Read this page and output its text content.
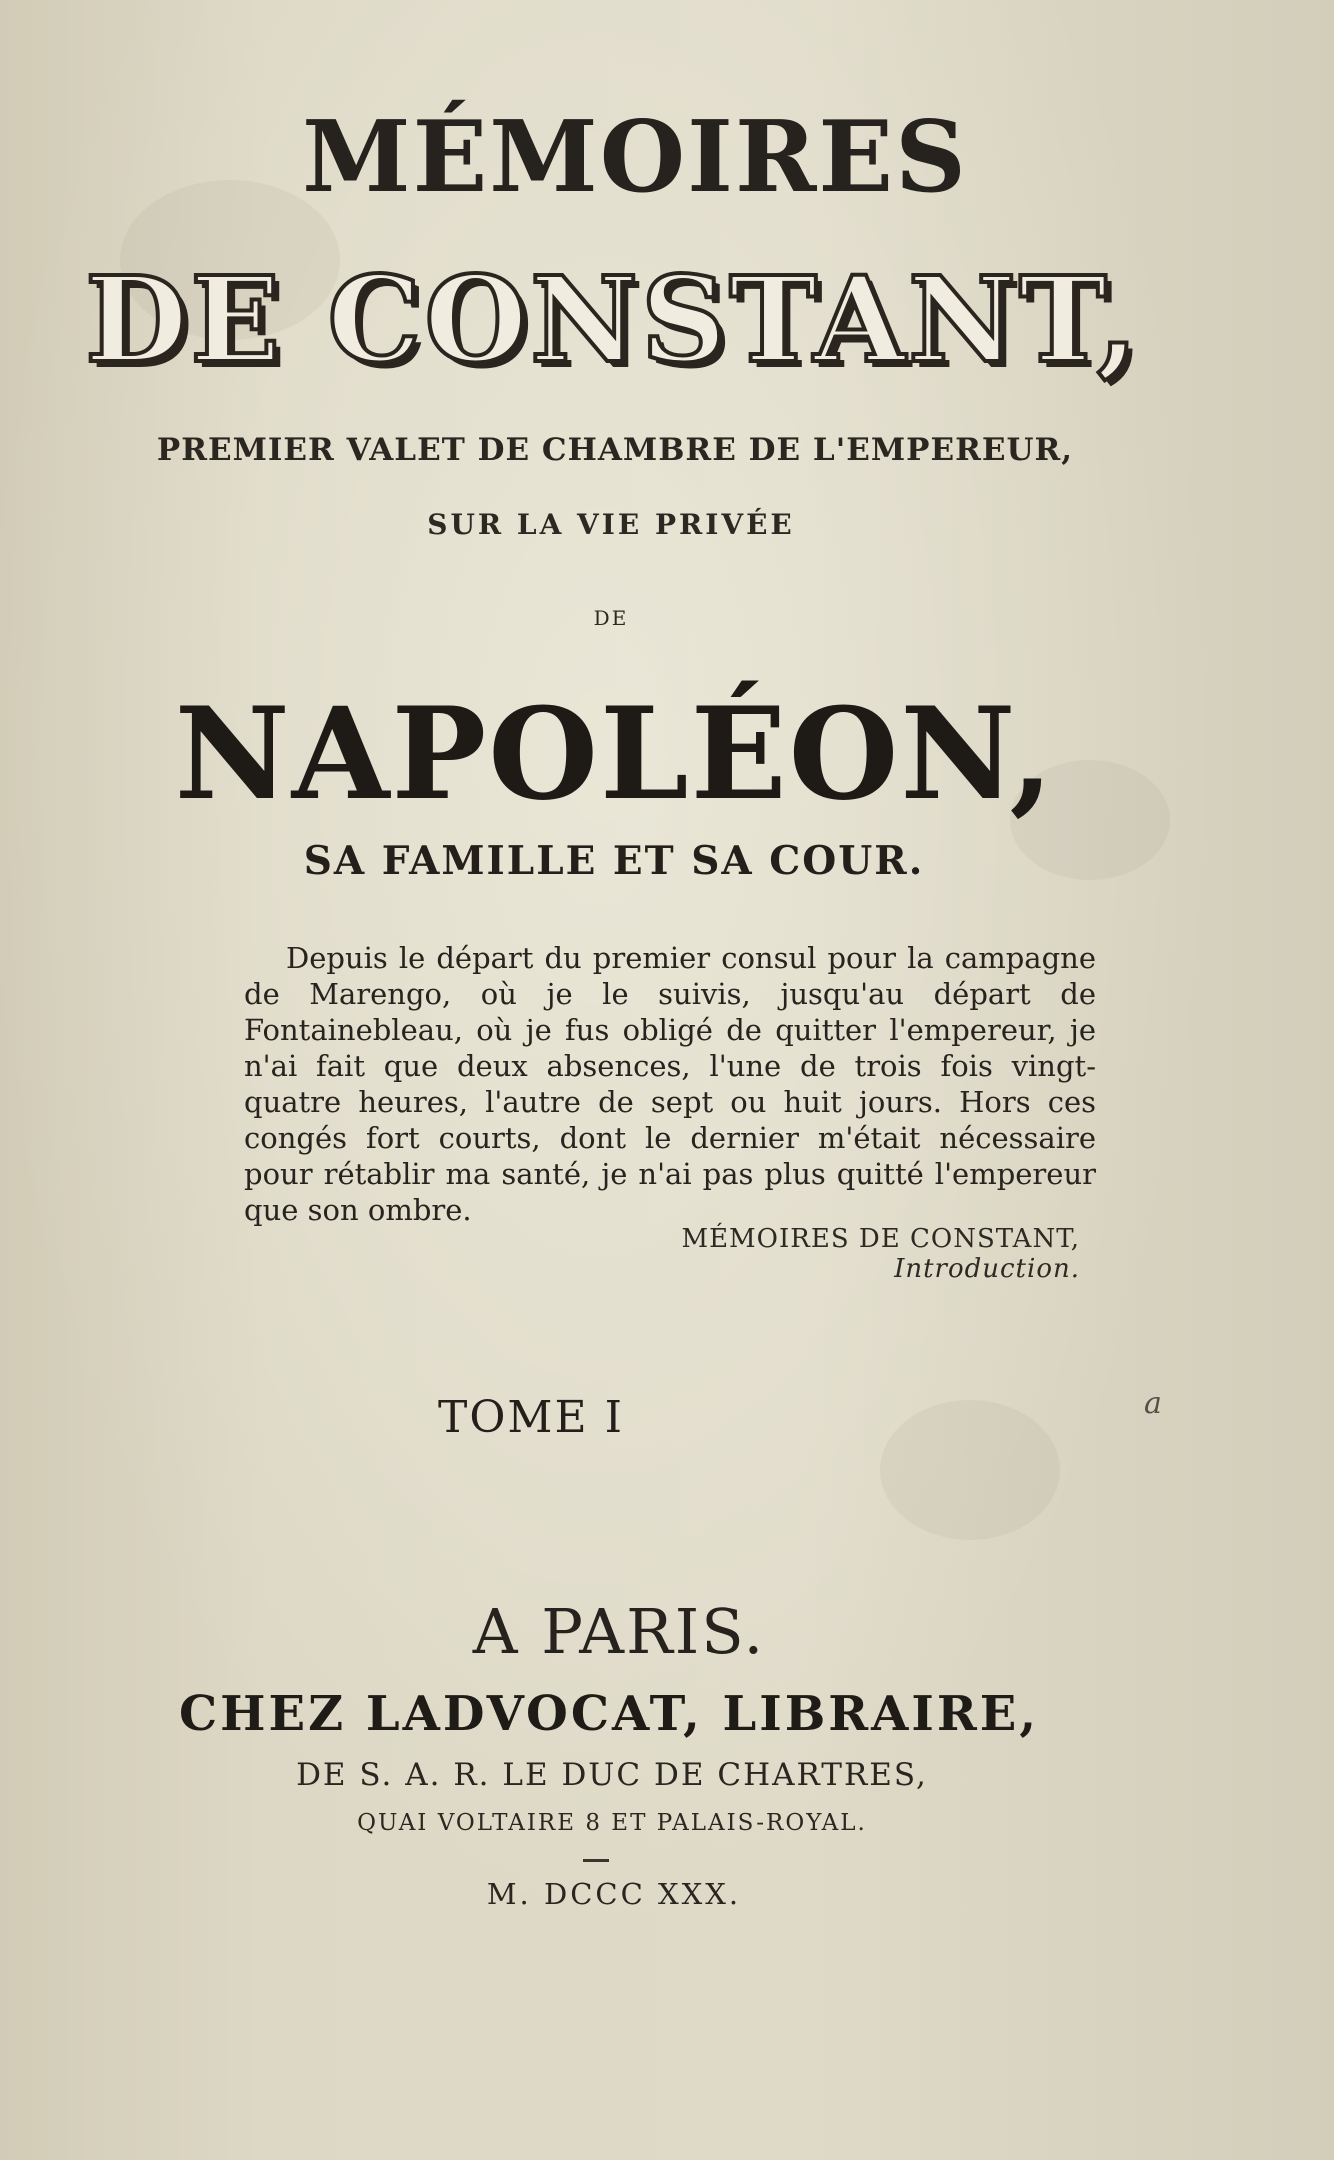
MÉMOIRES
DE CONSTANT,
PREMIER VALET DE CHAMBRE DE L'EMPEREUR,
SUR LA VIE PRIVÉE
DE
NAPOLÉON,
SA FAMILLE ET SA COUR.
Depuis le départ du premier consul pour la campagne de Marengo, où je le suivis, jusqu'au départ de Fontainebleau, où je fus obligé de quitter l'empereur, je n'ai fait que deux absences, l'une de trois fois vingt-quatre heures, l'autre de sept ou huit jours. Hors ces congés fort courts, dont le dernier m'était nécessaire pour rétablir ma santé, je n'ai pas plus quitté l'empereur que son ombre.
MÉMOIRES DE CONSTANT, Introduction.
TOME I	a
A PARIS.
CHEZ LADVOCAT, LIBRAIRE,
DE S. A. R. LE DUC DE CHARTRES,
QUAI VOLTAIRE 8 ET PALAIS-ROYAL.
M. DCCC XXX.
